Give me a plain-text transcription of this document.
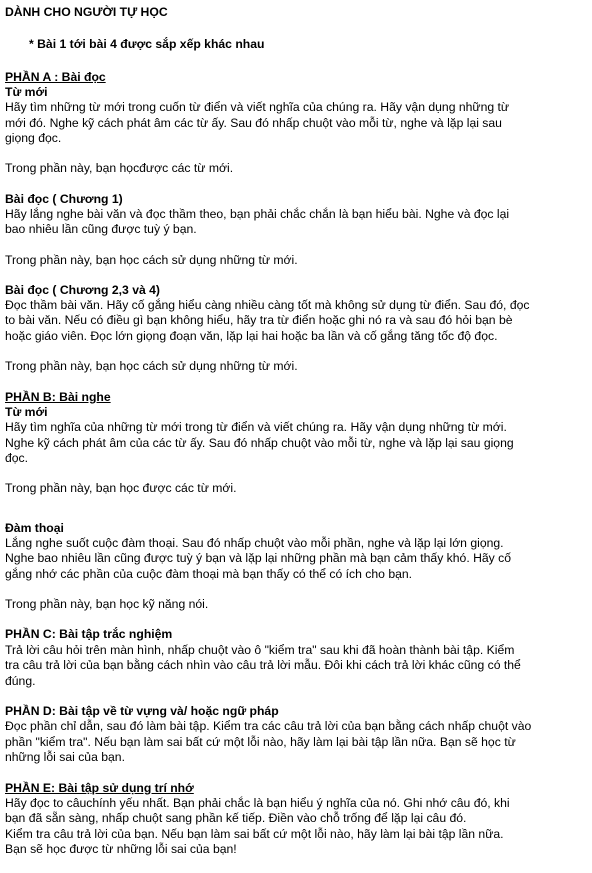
DÀNH CHO NGƯỜI TỰ HỌC
* Bài 1 tới bài 4 được sắp xếp khác nhau
PHẦN A : Bài đọc
Từ mới
Hãy tìm những từ mới trong cuốn từ điển và viết nghĩa của chúng ra. Hãy vận dụng những từ
mới đó. Nghe kỹ cách phát âm các từ ấy. Sau đó nhấp chuột vào mỗi từ, nghe và lặp lại sau
giọng đọc.
Trong phần này, bạn họcđược các từ mới.
Bài đọc ( Chương 1)
Hãy lắng nghe bài văn và đọc thầm theo, bạn phải chắc chắn là bạn hiểu bài. Nghe và đọc lại
bao nhiêu lần cũng được tuỳ ý bạn.
Trong phần này, bạn học cách sử dụng những từ mới.
Bài đọc ( Chương 2,3 và 4)
Đọc thầm bài văn. Hãy cố gắng hiểu càng nhiều càng tốt mà không sử dụng từ điển. Sau đó, đọc
to bài văn. Nếu có điều gì bạn không hiểu, hãy tra từ điển hoặc ghi nó ra và sau đó hỏi bạn bè
hoặc giáo viên. Đọc lớn giọng đoạn văn, lặp lại hai hoặc ba lần và cố gắng tăng tốc độ đọc.
Trong phần này, bạn học cách sử dụng những từ mới.
PHẦN B: Bài nghe
Từ mới
Hãy tìm nghĩa của những từ mới trong từ điển và viết chúng ra. Hãy vận dụng những từ mới.
Nghe kỹ cách phát âm của các từ ấy. Sau đó nhấp chuột vào mỗi từ, nghe và lặp lại sau giọng
đọc.
Trong phần này, bạn học được các từ mới.
Đàm thoại
Lắng nghe suốt cuộc đàm thoại. Sau đó nhấp chuột vào mỗi phần, nghe và lặp lại lớn giọng.
Nghe bao nhiêu lần cũng được tuỳ ý bạn và lặp lại những phần mà bạn cảm thấy khó. Hãy cố
gắng nhớ các phần của cuộc đàm thoại mà bạn thấy có thể có ích cho bạn.
Trong phần này, bạn học kỹ năng nói.
PHẦN C: Bài tập trắc nghiệm
Trả lời câu hỏi trên màn hình, nhấp chuột vào ô "kiểm tra" sau khi đã hoàn thành bài tập. Kiểm
tra câu trả lời của bạn bằng cách nhìn vào câu trả lời mẫu. Đôi khi cách trả lời khác cũng có thể
đúng.
PHẦN D: Bài tập về từ vựng và/ hoặc ngữ pháp
Đọc phần chỉ dẫn, sau đó làm bài tập. Kiểm tra các câu trả lời của bạn bằng cách nhấp chuột vào
phần "kiểm tra". Nếu bạn làm sai bất cứ một lỗi nào, hãy làm lại bài tập lần nữa. Bạn sẽ học từ
những lỗi sai của bạn.
PHẦN E: Bài tập sử dụng trí nhớ
Hãy đọc to câuchính yếu nhất. Bạn phải chắc là bạn hiểu ý nghĩa của nó. Ghi nhớ câu đó, khi
bạn đã sẵn sàng, nhấp chuột sang phần kế tiếp. Điền vào chỗ trống để lặp lại câu đó.
Kiểm tra câu trả lời của bạn. Nếu bạn làm sai bất cứ một lỗi nào, hãy làm lại bài tập lần nữa.
Bạn sẽ học được từ những lỗi sai của bạn!
